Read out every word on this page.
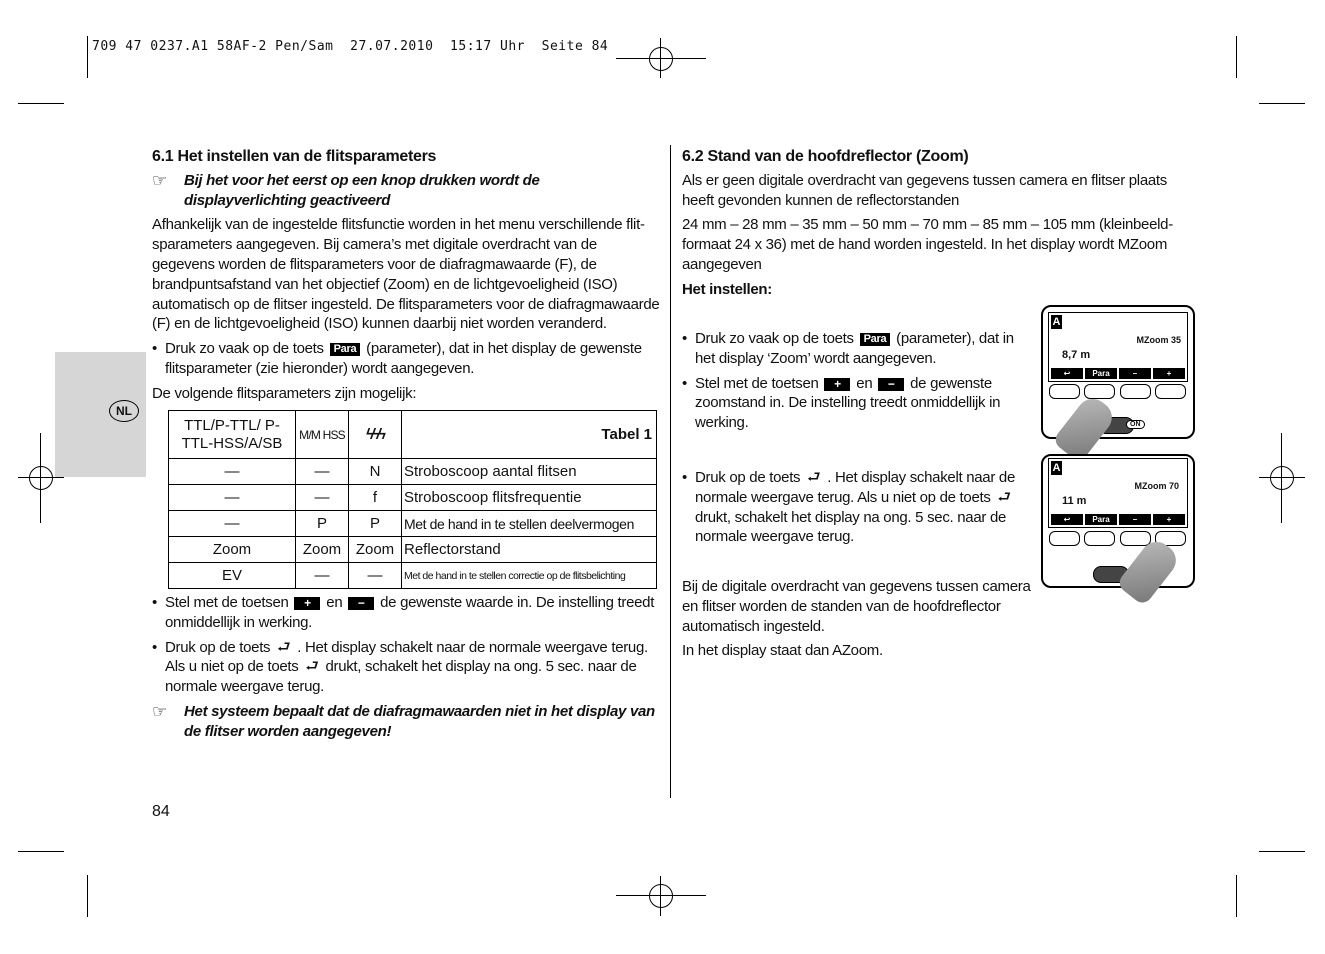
709 47 0237.A1 58AF-2 Pen/Sam  27.07.2010  15:17 Uhr  Seite 84
NL
6.1 Het instellen van de flitsparameters
☞	Bij het voor het eerst op een knop drukken wordt de displayverlichting geactiveerd

Afhankelijk van de ingestelde flitsfunctie worden in het menu verschillende flitsparameters aangegeven. Bij camera’s met digitale overdracht van de gegevens worden de flitsparameters voor de diafragmawaarde (F), de brandpuntsafstand van het objectief (Zoom) en de lichtgevoeligheid (ISO) automatisch op de flitser ingesteld. De flitsparameters voor de diafragmawaarde (F) en de lichtgevoeligheid (ISO) kunnen daarbij niet worden veranderd.

• Druk zo vaak op de toets Para (parameter), dat in het display de gewenste flitsparameter (zie hieronder) wordt aangegeven.

De volgende flitsparameters zijn mogelijk:

TTL/P-TTL/ P-TTL-HSS/A/SB	M/M HSS	ϟϟϟ	Tabel 1
—	—	N	Stroboscoop aantal flitsen
—	—	f	Stroboscoop flitsfrequentie
—	P	P	Met de hand in te stellen deelvermogen
Zoom	Zoom	Zoom	Reflectorstand
EV	—	—	Met de hand in te stellen correctie op de flitsbelichting
• Stel met de toetsen + en − de gewenste waarde in. De instelling treedt onmiddellijk in werking.
• Druk op de toets ⮐ . Het display schakelt naar de normale weergave terug. Als u niet op de toets ⮐ drukt, schakelt het display na ong. 5 sec. naar de normale weergave terug.
☞	Het systeem bepaalt dat de diafragmawaarden niet in het display van de flitser worden aangegeven!
84
6.2 Stand van de hoofdreflector (Zoom)

Als er geen digitale overdracht van gegevens tussen camera en flitser plaats heeft gevonden kunnen de reflectorstanden

24 mm – 28 mm – 35 mm – 50 mm – 70 mm – 85 mm – 105 mm (kleinbeeldformaat 24 x 36) met de hand worden ingesteld. In het display wordt MZoom aangegeven

Het instellen:

• Druk zo vaak op de toets Para (parameter), dat in het display ‘Zoom’ wordt aangegeven.
• Stel met de toetsen + en − de gewenste zoomstand in. De instelling treedt onmiddellijk in werking.
• Druk op de toets ⮐ . Het display schakelt naar de normale weergave terug. Als u niet op de toets ⮐ drukt, schakelt het display na ong. 5 sec. naar de normale weergave terug.

Bij de digitale overdracht van gegevens tussen camera en flitser worden de standen van de hoofdreflector automatisch ingesteld.

In het display staat dan AZoom.

A
MZoom 35
8,7 m
↩	Para	–	+
ON
A
MZoom 70
11 m
↩	Para	–	+
